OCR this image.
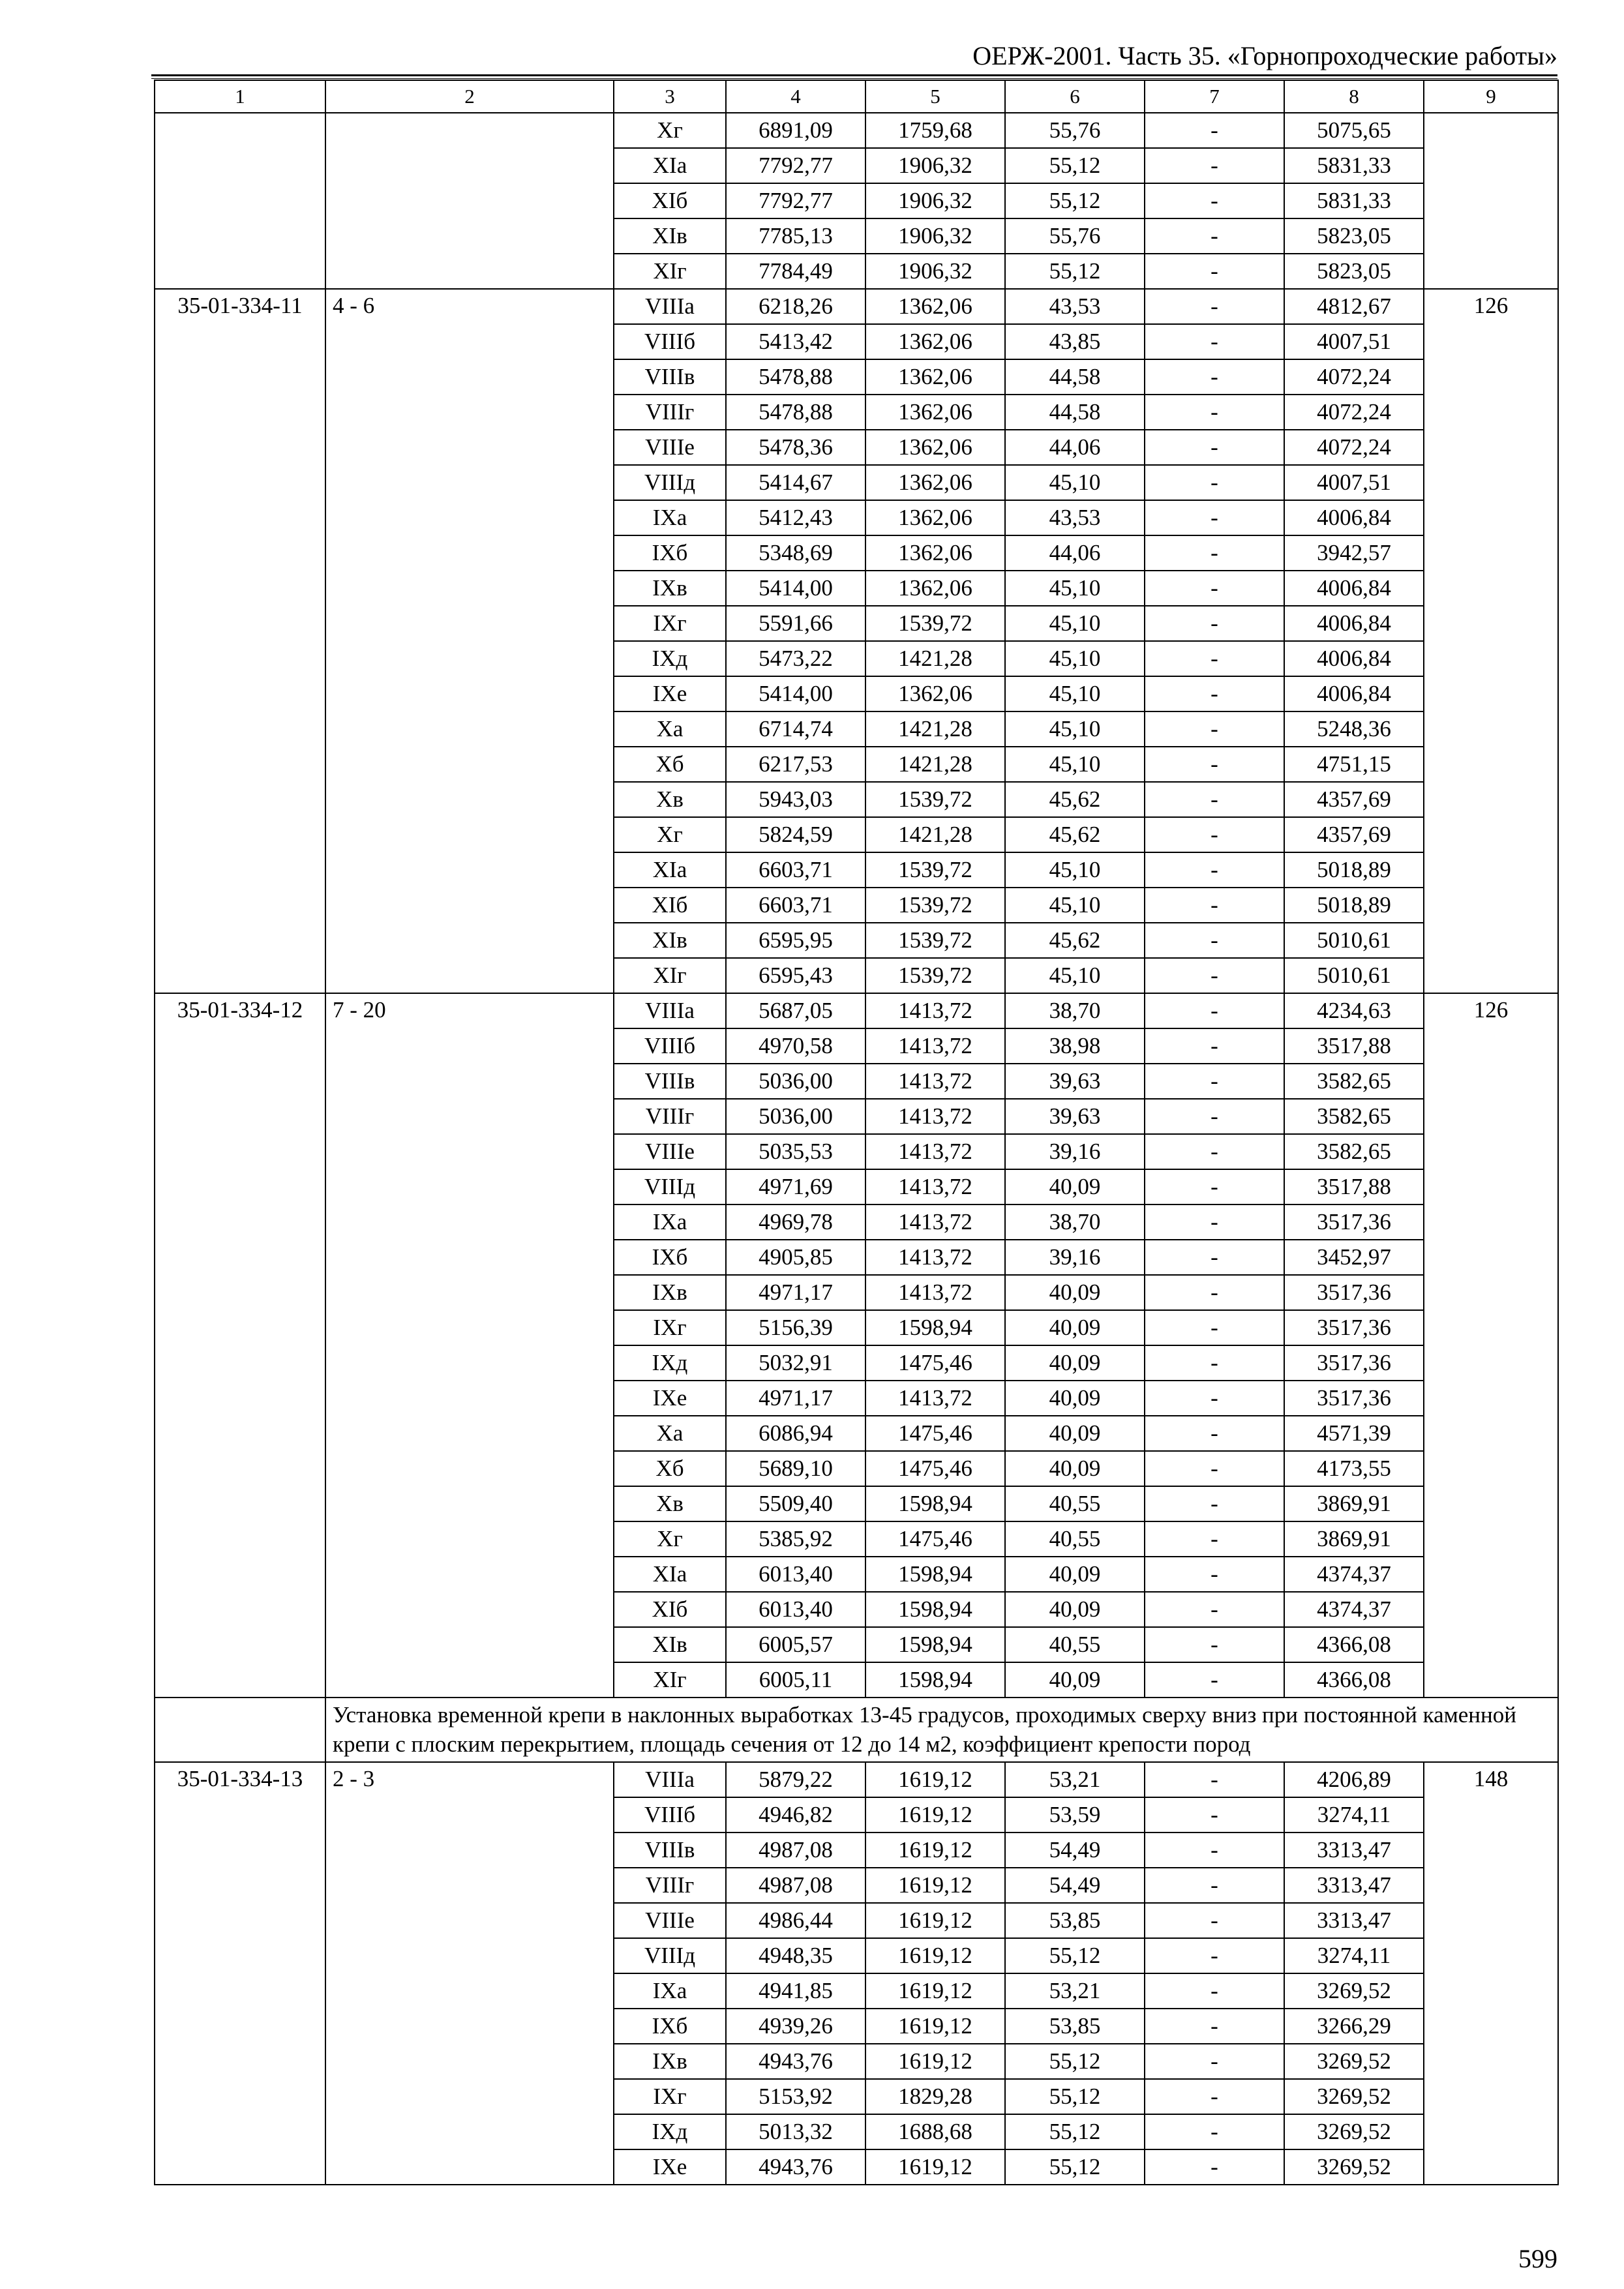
ОЕРЖ-2001. Часть 35. «Горнопроходческие работы»
1	2	3	4	5	6	7	8	9
		Xг	6891,09	1759,68	55,76	-	5075,65	
		XIа	7792,77	1906,32	55,12	-	5831,33	
		XIб	7792,77	1906,32	55,12	-	5831,33	
		XIв	7785,13	1906,32	55,76	-	5823,05	
		XIг	7784,49	1906,32	55,12	-	5823,05	
35-01-334-11	4 - 6	VIIIа	6218,26	1362,06	43,53	-	4812,67	126
		VIIIб	5413,42	1362,06	43,85	-	4007,51	
		VIIIв	5478,88	1362,06	44,58	-	4072,24	
		VIIIг	5478,88	1362,06	44,58	-	4072,24	
		VIIIе	5478,36	1362,06	44,06	-	4072,24	
		VIIIд	5414,67	1362,06	45,10	-	4007,51	
		IXа	5412,43	1362,06	43,53	-	4006,84	
		IXб	5348,69	1362,06	44,06	-	3942,57	
		IXв	5414,00	1362,06	45,10	-	4006,84	
		IXг	5591,66	1539,72	45,10	-	4006,84	
		IXд	5473,22	1421,28	45,10	-	4006,84	
		IXе	5414,00	1362,06	45,10	-	4006,84	
		Xа	6714,74	1421,28	45,10	-	5248,36	
		Xб	6217,53	1421,28	45,10	-	4751,15	
		Xв	5943,03	1539,72	45,62	-	4357,69	
		Xг	5824,59	1421,28	45,62	-	4357,69	
		XIа	6603,71	1539,72	45,10	-	5018,89	
		XIб	6603,71	1539,72	45,10	-	5018,89	
		XIв	6595,95	1539,72	45,62	-	5010,61	
		XIг	6595,43	1539,72	45,10	-	5010,61	
35-01-334-12	7 - 20	VIIIа	5687,05	1413,72	38,70	-	4234,63	126
		VIIIб	4970,58	1413,72	38,98	-	3517,88	
		VIIIв	5036,00	1413,72	39,63	-	3582,65	
		VIIIг	5036,00	1413,72	39,63	-	3582,65	
		VIIIе	5035,53	1413,72	39,16	-	3582,65	
		VIIIд	4971,69	1413,72	40,09	-	3517,88	
		IXа	4969,78	1413,72	38,70	-	3517,36	
		IXб	4905,85	1413,72	39,16	-	3452,97	
		IXв	4971,17	1413,72	40,09	-	3517,36	
		IXг	5156,39	1598,94	40,09	-	3517,36	
		IXд	5032,91	1475,46	40,09	-	3517,36	
		IXе	4971,17	1413,72	40,09	-	3517,36	
		Xа	6086,94	1475,46	40,09	-	4571,39	
		Xб	5689,10	1475,46	40,09	-	4173,55	
		Xв	5509,40	1598,94	40,55	-	3869,91	
		Xг	5385,92	1475,46	40,55	-	3869,91	
		XIа	6013,40	1598,94	40,09	-	4374,37	
		XIб	6013,40	1598,94	40,09	-	4374,37	
		XIв	6005,57	1598,94	40,55	-	4366,08	
		XIг	6005,11	1598,94	40,09	-	4366,08	
	Установка временной крепи в наклонных выработках 13-45 градусов, проходимых сверху вниз при постоянной каменной крепи с плоским перекрытием, площадь сечения от 12 до 14 м2, коэффициент крепости пород							
35-01-334-13	2 - 3	VIIIа	5879,22	1619,12	53,21	-	4206,89	148
		VIIIб	4946,82	1619,12	53,59	-	3274,11	
		VIIIв	4987,08	1619,12	54,49	-	3313,47	
		VIIIг	4987,08	1619,12	54,49	-	3313,47	
		VIIIе	4986,44	1619,12	53,85	-	3313,47	
		VIIIд	4948,35	1619,12	55,12	-	3274,11	
		IXа	4941,85	1619,12	53,21	-	3269,52	
		IXб	4939,26	1619,12	53,85	-	3266,29	
		IXв	4943,76	1619,12	55,12	-	3269,52	
		IXг	5153,92	1829,28	55,12	-	3269,52	
		IXд	5013,32	1688,68	55,12	-	3269,52	
		IXе	4943,76	1619,12	55,12	-	3269,52	
599
